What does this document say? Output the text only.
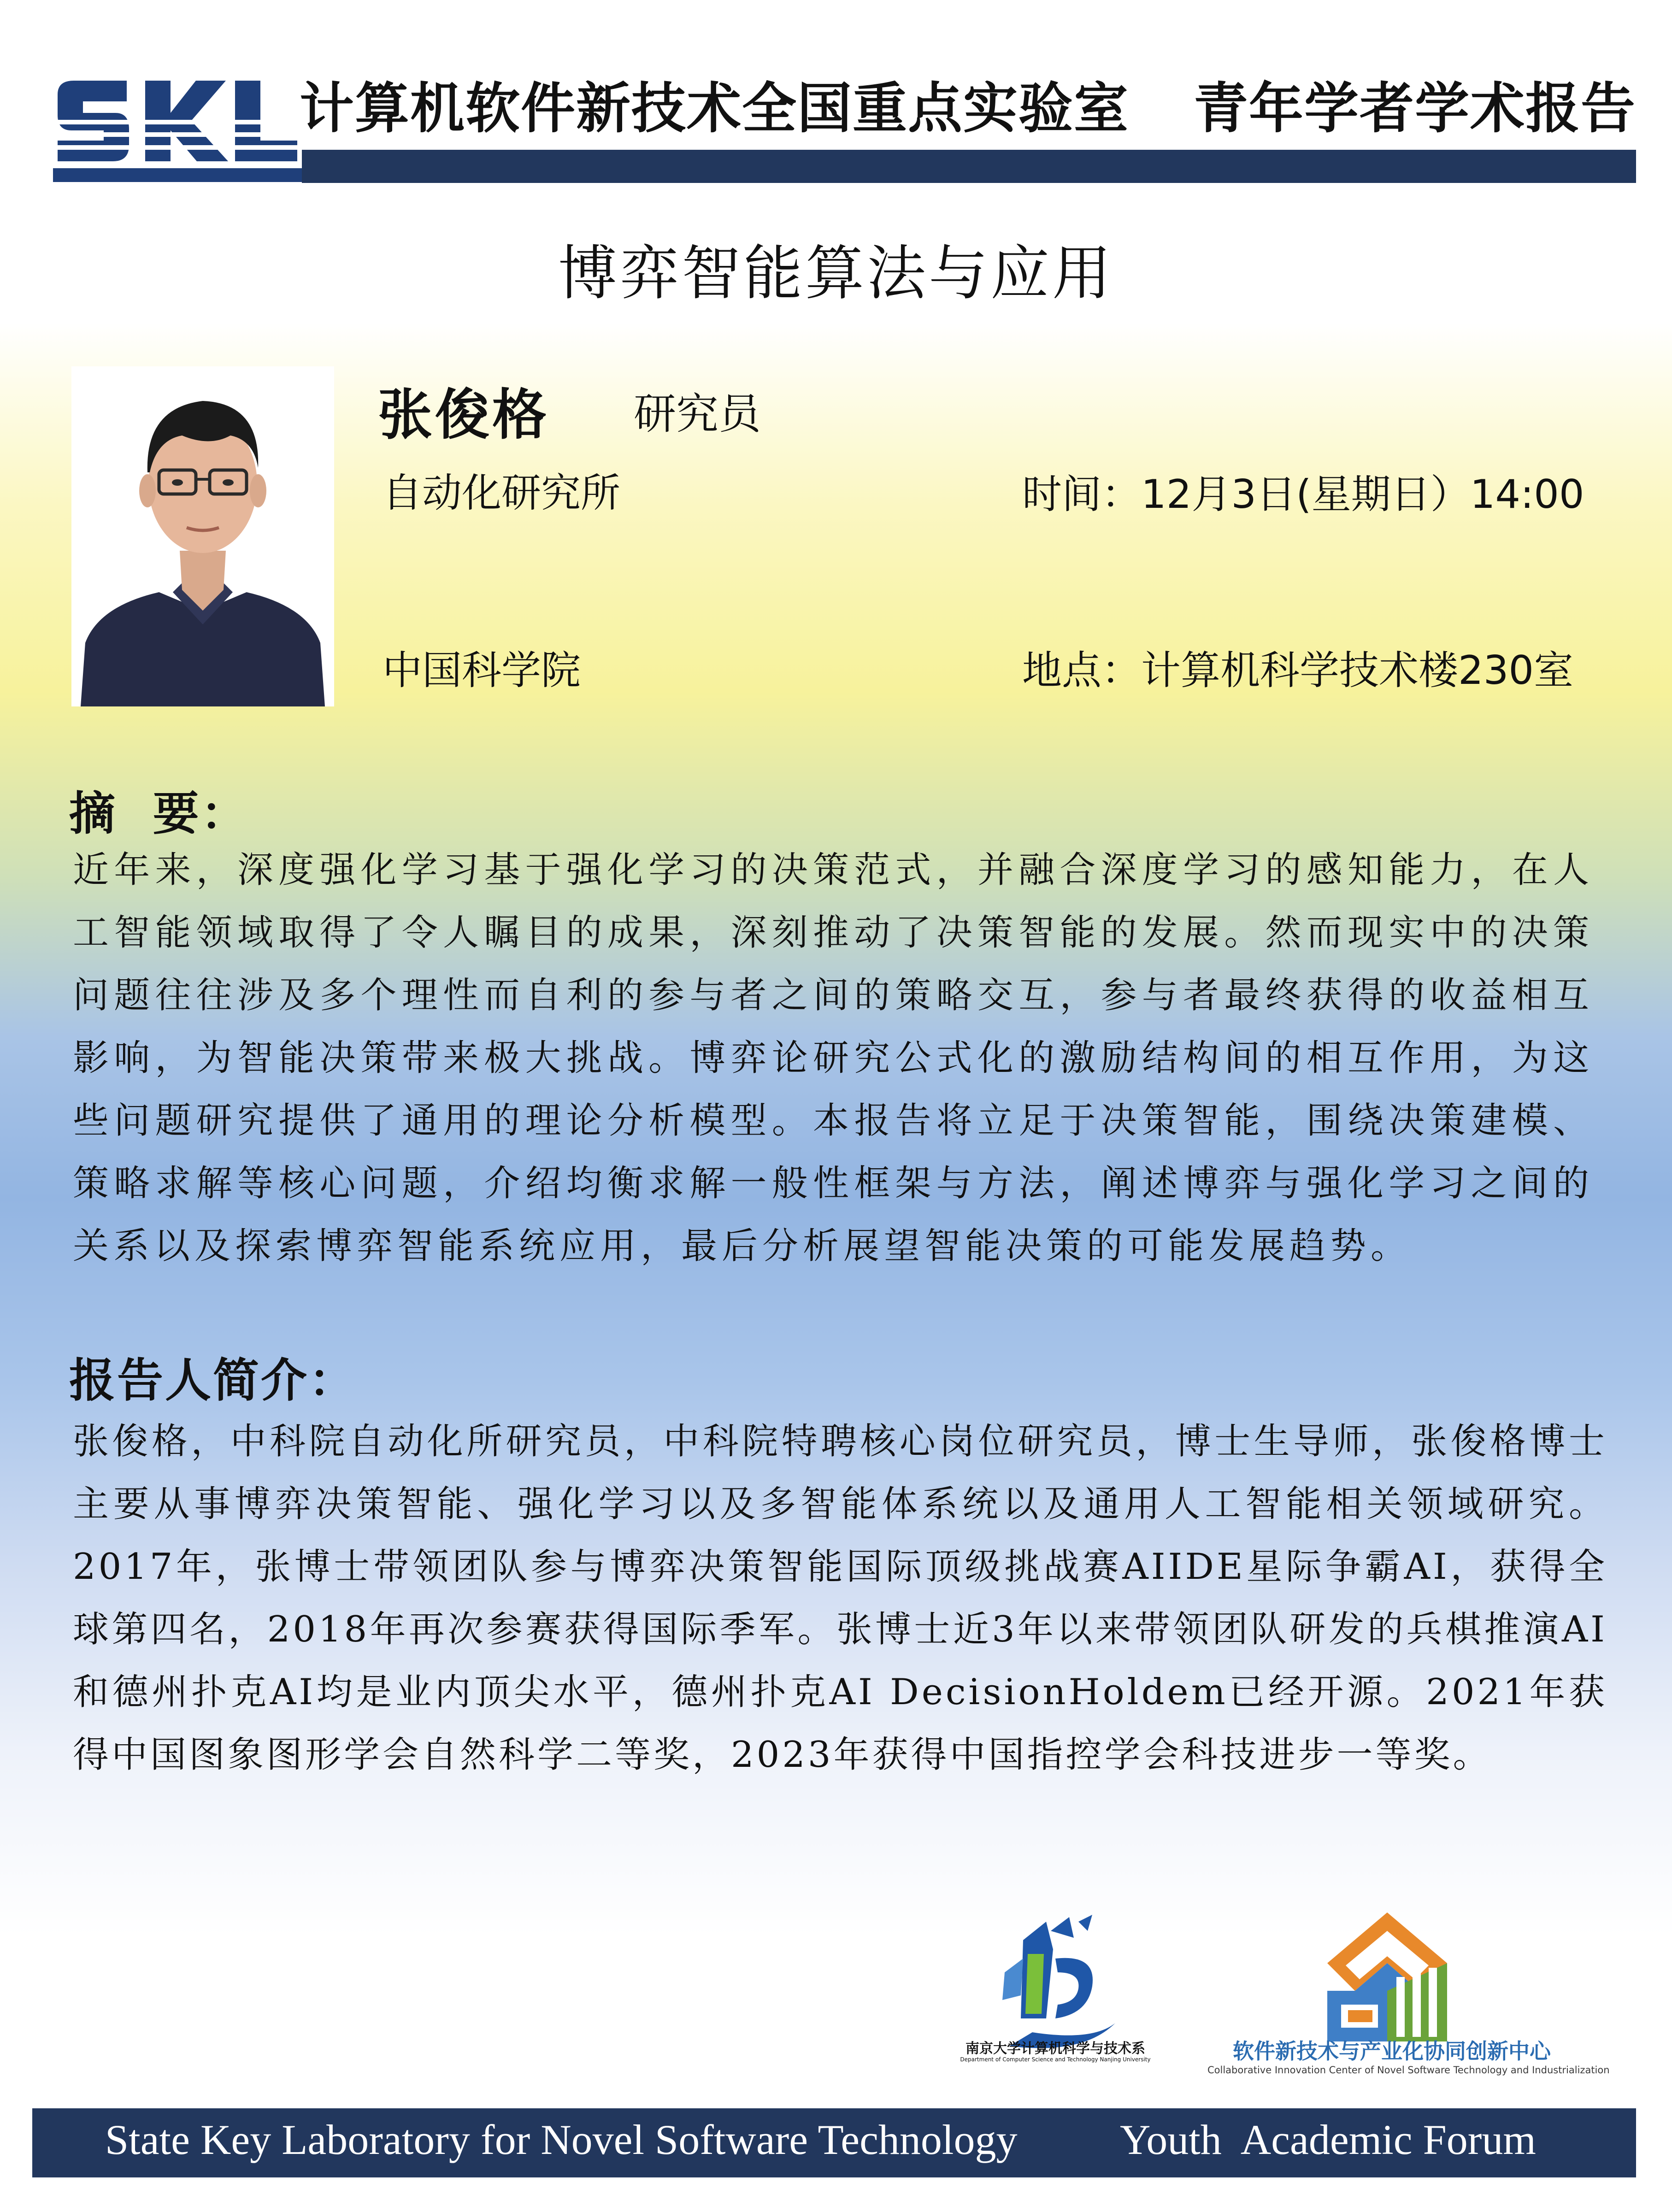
计算机软件新技术全国重点实验室 青年学者学术报告
博弈智能算法与应用
张俊格 研究员
自动化研究所
中国科学院
时间：12月3日(星期日）14:00
地点：计算机科学技术楼230室
摘  要：
近年来，深度强化学习基于强化学习的决策范式，并融合深度学习的感知能力，在人工智能领域取得了令人瞩目的成果，深刻推动了决策智能的发展。然而现实中的决策问题往往涉及多个理性而自利的参与者之间的策略交互，参与者最终获得的收益相互影响，为智能决策带来极大挑战。博弈论研究公式化的激励结构间的相互作用，为这些问题研究提供了通用的理论分析模型。本报告将立足于决策智能，围绕决策建模、策略求解等核心问题，介绍均衡求解一般性框架与方法，阐述博弈与强化学习之间的关系以及探索博弈智能系统应用，最后分析展望智能决策的可能发展趋势。
报告人简介：
张俊格，中科院自动化所研究员，中科院特聘核心岗位研究员，博士生导师，张俊格博士主要从事博弈决策智能、强化学习以及多智能体系统以及通用人工智能相关领域研究。2017年，张博士带领团队参与博弈决策智能国际顶级挑战赛AIIDE星际争霸AI，获得全球第四名，2018年再次参赛获得国际季军。张博士近3年以来带领团队研发的兵棋推演AI和德州扑克AI均是业内顶尖水平，德州扑克AI DecisionHoldem已经开源。2021年获得中国图象图形学会自然科学二等奖，2023年获得中国指控学会科技进步一等奖。
南京大学计算机科学与技术系
Department of Computer Science and Technology Nanjing University	软件新技术与产业化协同创新中心
Collaborative Innovation Center of Novel Software Technology and Industrialization
State Key Laboratory for Novel Software Technology Youth  Academic Forum
